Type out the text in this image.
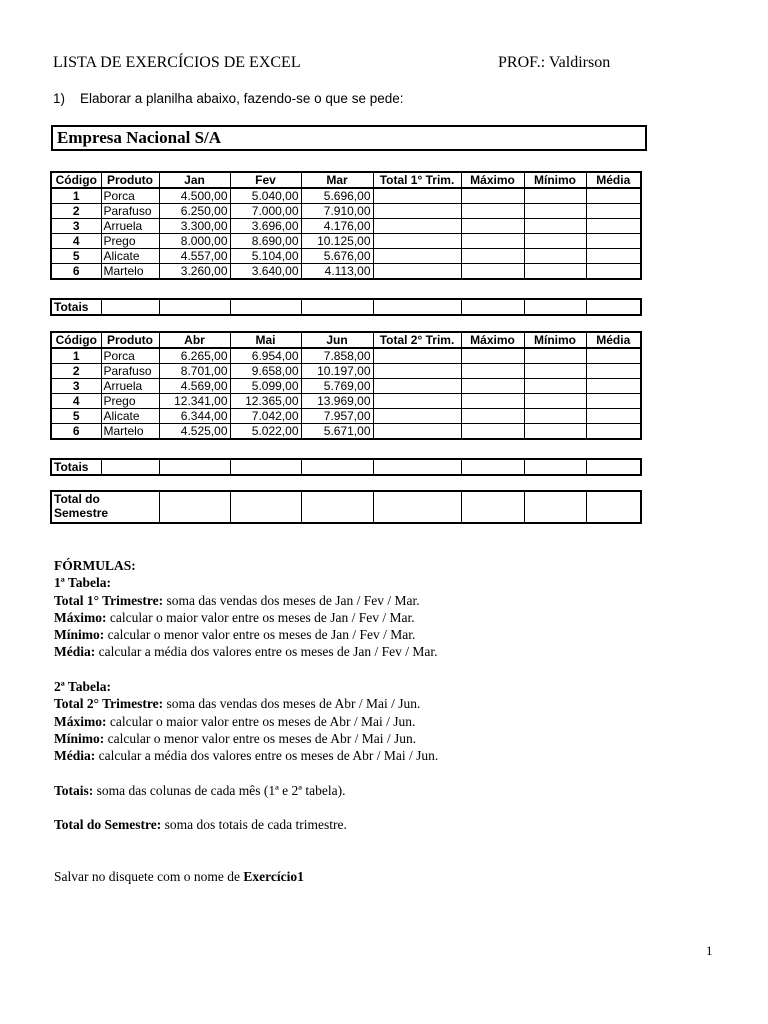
LISTA DE EXERCÍCIOS DE EXCEL	PROF.: Valdirson
1) Elaborar a planilha abaixo, fazendo-se o que se pede:
Empresa Nacional S/A
Código	Produto	Jan	Fev	Mar	Total 1° Trim.	Máximo	Mínimo	Média
1	Porca	4.500,00	5.040,00	5.696,00				
2	Parafuso	6.250,00	7.000,00	7.910,00				
3	Arruela	3.300,00	3.696,00	4.176,00				
4	Prego	8.000,00	8.690,00	10.125,00				
5	Alicate	4.557,00	5.104,00	5.676,00				
6	Martelo	3.260,00	3.640,00	4.113,00				
Totais								
Código	Produto	Abr	Mai	Jun	Total 2° Trim.	Máximo	Mínimo	Média
1	Porca	6.265,00	6.954,00	7.858,00				
2	Parafuso	8.701,00	9.658,00	10.197,00				
3	Arruela	4.569,00	5.099,00	5.769,00				
4	Prego	12.341,00	12.365,00	13.969,00				
5	Alicate	6.344,00	7.042,00	7.957,00				
6	Martelo	4.525,00	5.022,00	5.671,00				
Totais								
Total do
Semestre

FÓRMULAS:
1ª Tabela:
Total 1° Trimestre: soma das vendas dos meses de Jan / Fev / Mar.
Máximo: calcular o maior valor entre os meses de Jan / Fev / Mar.
Mínimo: calcular o menor valor entre os meses de Jan / Fev / Mar.
Média: calcular a média dos valores entre os meses de Jan / Fev / Mar.
2ª Tabela:
Total 2° Trimestre: soma das vendas dos meses de Abr / Mai / Jun.
Máximo: calcular o maior valor entre os meses de Abr / Mai / Jun.
Mínimo: calcular o menor valor entre os meses de Abr / Mai / Jun.
Média: calcular a média dos valores entre os meses de Abr / Mai / Jun.
Totais: soma das colunas de cada mês (1ª e 2ª tabela).
Total do Semestre: soma dos totais de cada trimestre.
Salvar no disquete com o nome de Exercício1
1
